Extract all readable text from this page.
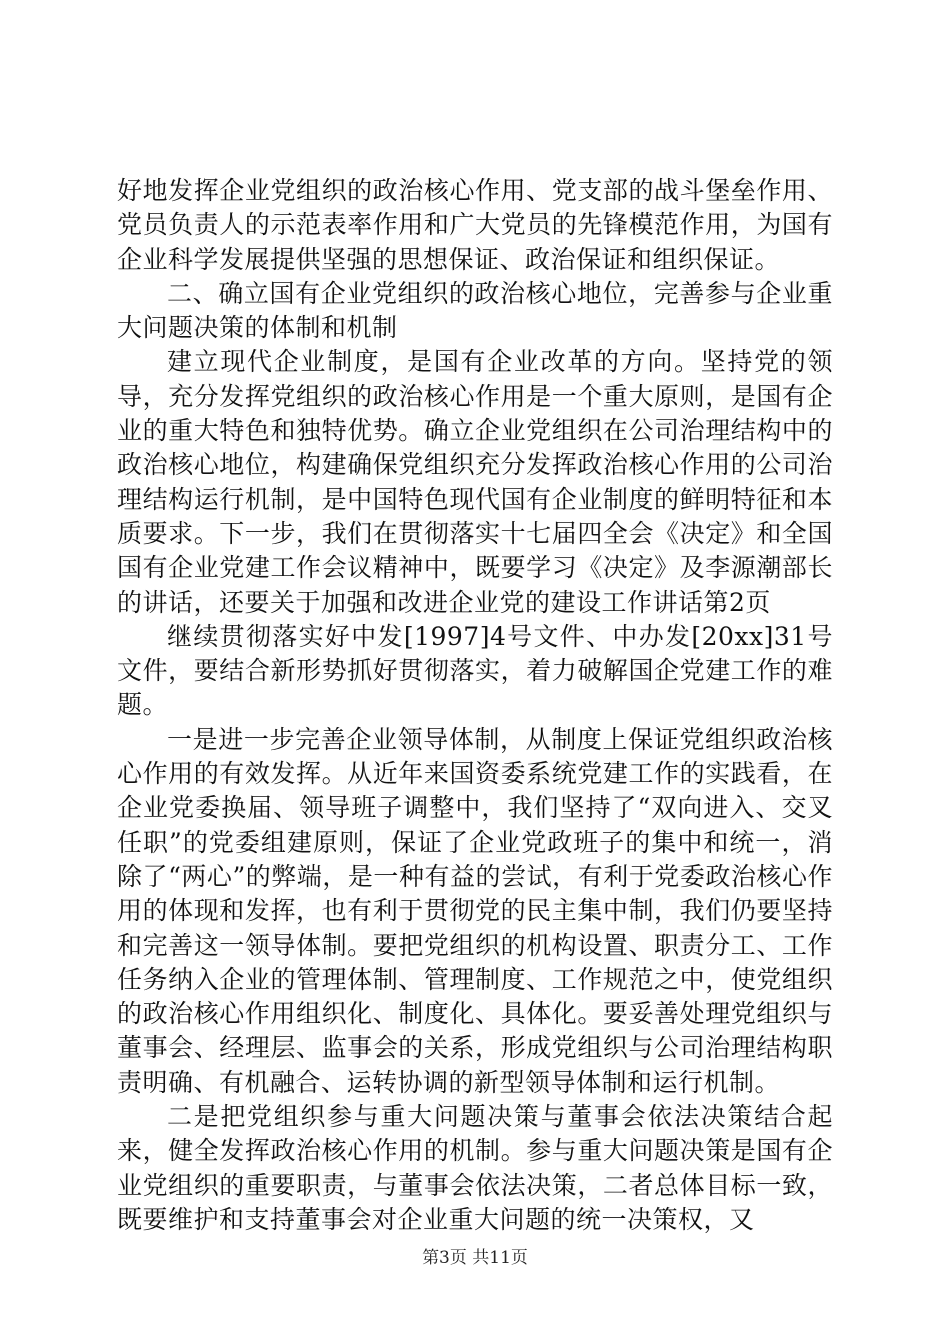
好地发挥企业党组织的政治核心作用、党支部的战斗堡垒作用、党员负责人的示范表率作用和广大党员的先锋模范作用，为国有企业科学发展提供坚强的思想保证、政治保证和组织保证。

二、确立国有企业党组织的政治核心地位，完善参与企业重大问题决策的体制和机制

建立现代企业制度，是国有企业改革的方向。坚持党的领导，充分发挥党组织的政治核心作用是一个重大原则，是国有企业的重大特色和独特优势。确立企业党组织在公司治理结构中的政治核心地位，构建确保党组织充分发挥政治核心作用的公司治理结构运行机制，是中国特色现代国有企业制度的鲜明特征和本质要求。下一步，我们在贯彻落实十七届四全会《决定》和全国国有企业党建工作会议精神中，既要学习《决定》及李源潮部长的讲话，还要关于加强和改进企业党的建设工作讲话第2页

继续贯彻落实好中发[1997]4号文件、中办发[20xx]31号文件，要结合新形势抓好贯彻落实，着力破解国企党建工作的难题。

一是进一步完善企业领导体制，从制度上保证党组织政治核心作用的有效发挥。从近年来国资委系统党建工作的实践看，在企业党委换届、领导班子调整中，我们坚持了“双向进入、交叉任职”的党委组建原则，保证了企业党政班子的集中和统一，消除了“两心”的弊端，是一种有益的尝试，有利于党委政治核心作用的体现和发挥，也有利于贯彻党的民主集中制，我们仍要坚持和完善这一领导体制。要把党组织的机构设置、职责分工、工作任务纳入企业的管理体制、管理制度、工作规范之中，使党组织的政治核心作用组织化、制度化、具体化。要妥善处理党组织与董事会、经理层、监事会的关系，形成党组织与公司治理结构职责明确、有机融合、运转协调的新型领导体制和运行机制。

二是把党组织参与重大问题决策与董事会依法决策结合起来，健全发挥政治核心作用的机制。参与重大问题决策是国有企业党组织的重要职责，与董事会依法决策，二者总体目标一致，既要维护和支持董事会对企业重大问题的统一决策权，又

第3页 共11页
